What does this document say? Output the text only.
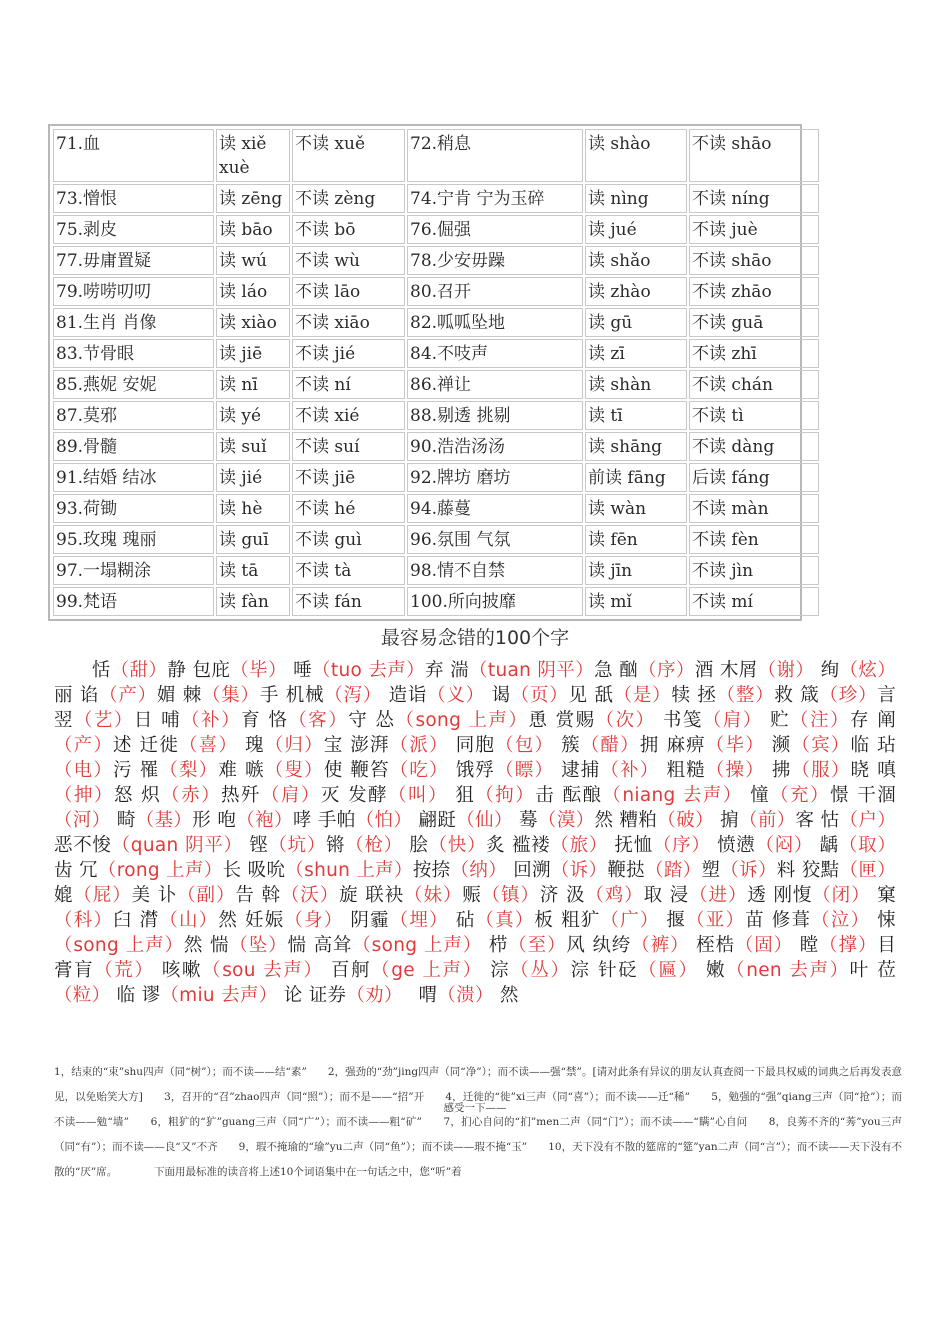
71.血	读 xiě xuè	不读 xuě	72.稍息	读 shào	不读 shāo
73.憎恨	读 zēng	不读 zèng	74.宁肯 宁为玉碎	读 nìng	不读 níng
75.剥皮	读 bāo	不读 bō	76.倔强	读 jué	不读 juè
77.毋庸置疑	读 wú	不读 wù	78.少安毋躁	读 shǎo	不读 shāo
79.唠唠叨叨	读 láo	不读 lāo	80.召开	读 zhào	不读 zhāo
81.生肖 肖像	读 xiào	不读 xiāo	82.呱呱坠地	读 gū	不读 guā
83.节骨眼	读 jiē	不读 jié	84.不吱声	读 zī	不读 zhī
85.燕妮 安妮	读 nī	不读 ní	86.禅让	读 shàn	不读 chán
87.莫邪	读 yé	不读 xié	88.剔透 挑剔	读 tī	不读 tì
89.骨髓	读 suǐ	不读 suí	90.浩浩汤汤	读 shāng	不读 dàng
91.结婚 结冰	读 jié	不读 jiē	92.牌坊 磨坊	前读 fāng	后读 fáng
93.荷锄	读 hè	不读 hé	94.藤蔓	读 wàn	不读 màn
95.玫瑰 瑰丽	读 guī	不读 guì	96.氛围 气氛	读 fēn	不读 fèn
97.一塌糊涂	读 tā	不读 tà	98.情不自禁	读 jīn	不读 jìn
99.梵语	读 fàn	不读 fán	100.所向披靡	读 mǐ	不读 mí
最容易念错的100个字
　　恬（甜）静 包庇（毕） 唾（tuo 去声）弃 湍（tuan 阴平）急 酗（序）酒 木屑（谢） 绚（炫）丽 谄（产）媚 棘（集）手 机械（泻） 造诣（义） 谒（页）见 舐（是）犊 拯（整）救 箴（珍）言 翌（艺）日 哺（补）育 恪（客）守 怂（song 上声）恿 赏赐（次） 书笺（肩） 贮（注）存 阐（产）述 迁徙（喜） 瑰（归）宝 澎湃（派） 同胞（包） 簇（醋）拥 麻痹（毕） 濒（宾）临 玷（电）污 罹（梨）难 嗾（叟）使 鞭笞（吃） 饿殍（瞟） 逮捕（补） 粗糙（操） 拂（服）晓 嗔（抻）怒 炽（赤）热歼（肩）灭 发酵（叫） 狙（拘）击 酝酿（niang 去声） 憧（充）憬 干涸（河） 畸（基）形 咆（袍）哮 手帕（怕） 翩跹（仙） 蓦（漠）然 糟粕（破） 掮（前）客 怙（户）恶不悛（quan 阴平） 铿（坑）锵（枪） 脍（快）炙 褴褛（旅） 抚恤（序） 愤懑（闷） 龋（取）齿 冗（rong 上声）长 吸吮（shun 上声）按捺（纳） 回溯（诉）鞭挞（踏）塑（诉）料 狡黠（匣） 媲（屁）美 讣（副）告 斡（沃）旋 联袂（妹）赈（镇）济 汲（鸡）取 浸（进）透 刚愎（闭） 窠（科）臼 潸（山）然 妊娠（身） 阴霾（埋） 砧（真）板 粗犷（广） 揠（亚）苗 修葺（泣） 悚（song 上声）然 惴（坠）惴 高耸（song 上声） 栉（至）风 纨绔（裤） 桎梏（固） 瞠（撑）目 膏肓（荒） 咳嗽（sou 去声） 百舸（ge 上声） 淙（丛）淙 针砭（匾） 嫩（nen 去声）叶 莅（粒） 临 谬（miu 去声） 论 证券（劝）　 喟（溃） 然
1，结束的“束”shu四声（同“树”）；而不读——结“素”　　2，强劲的“劲”jing四声（同“净”）；而不读——强“禁”。[请对此条有异议的朋友认真查阅一下最具权威的词典之后再发表意见，以免贻笑大方]　　3，召开的“召”zhao四声（同“照”）；而不是——“招”开　　4，迁徙的“徙”xi三声（同“喜”）；而不读——迁“稀”　　5，勉强的“强”qiang三声（同“抢”）；而不读——勉“墙”　　6，粗犷的“犷”guang三声（同“广”）；而不读——粗“矿”　　7，扪心自问的“扪”men二声（同“门”）；而不读——“瞒”心自问　　8，良莠不齐的“莠”you三声（同“有”）；而不读——良“又”不齐　　9，瑕不掩瑜的“瑜”yu二声（同“鱼”）；而不读——瑕不掩“玉”　　10，天下没有不散的筵席的“筵”yan二声（同“言”）；而不读——天下没有不散的“厌”席。　　　　下面用最标准的读音将上述10个词语集中在一句话之中，您“听”着
感受一下——
